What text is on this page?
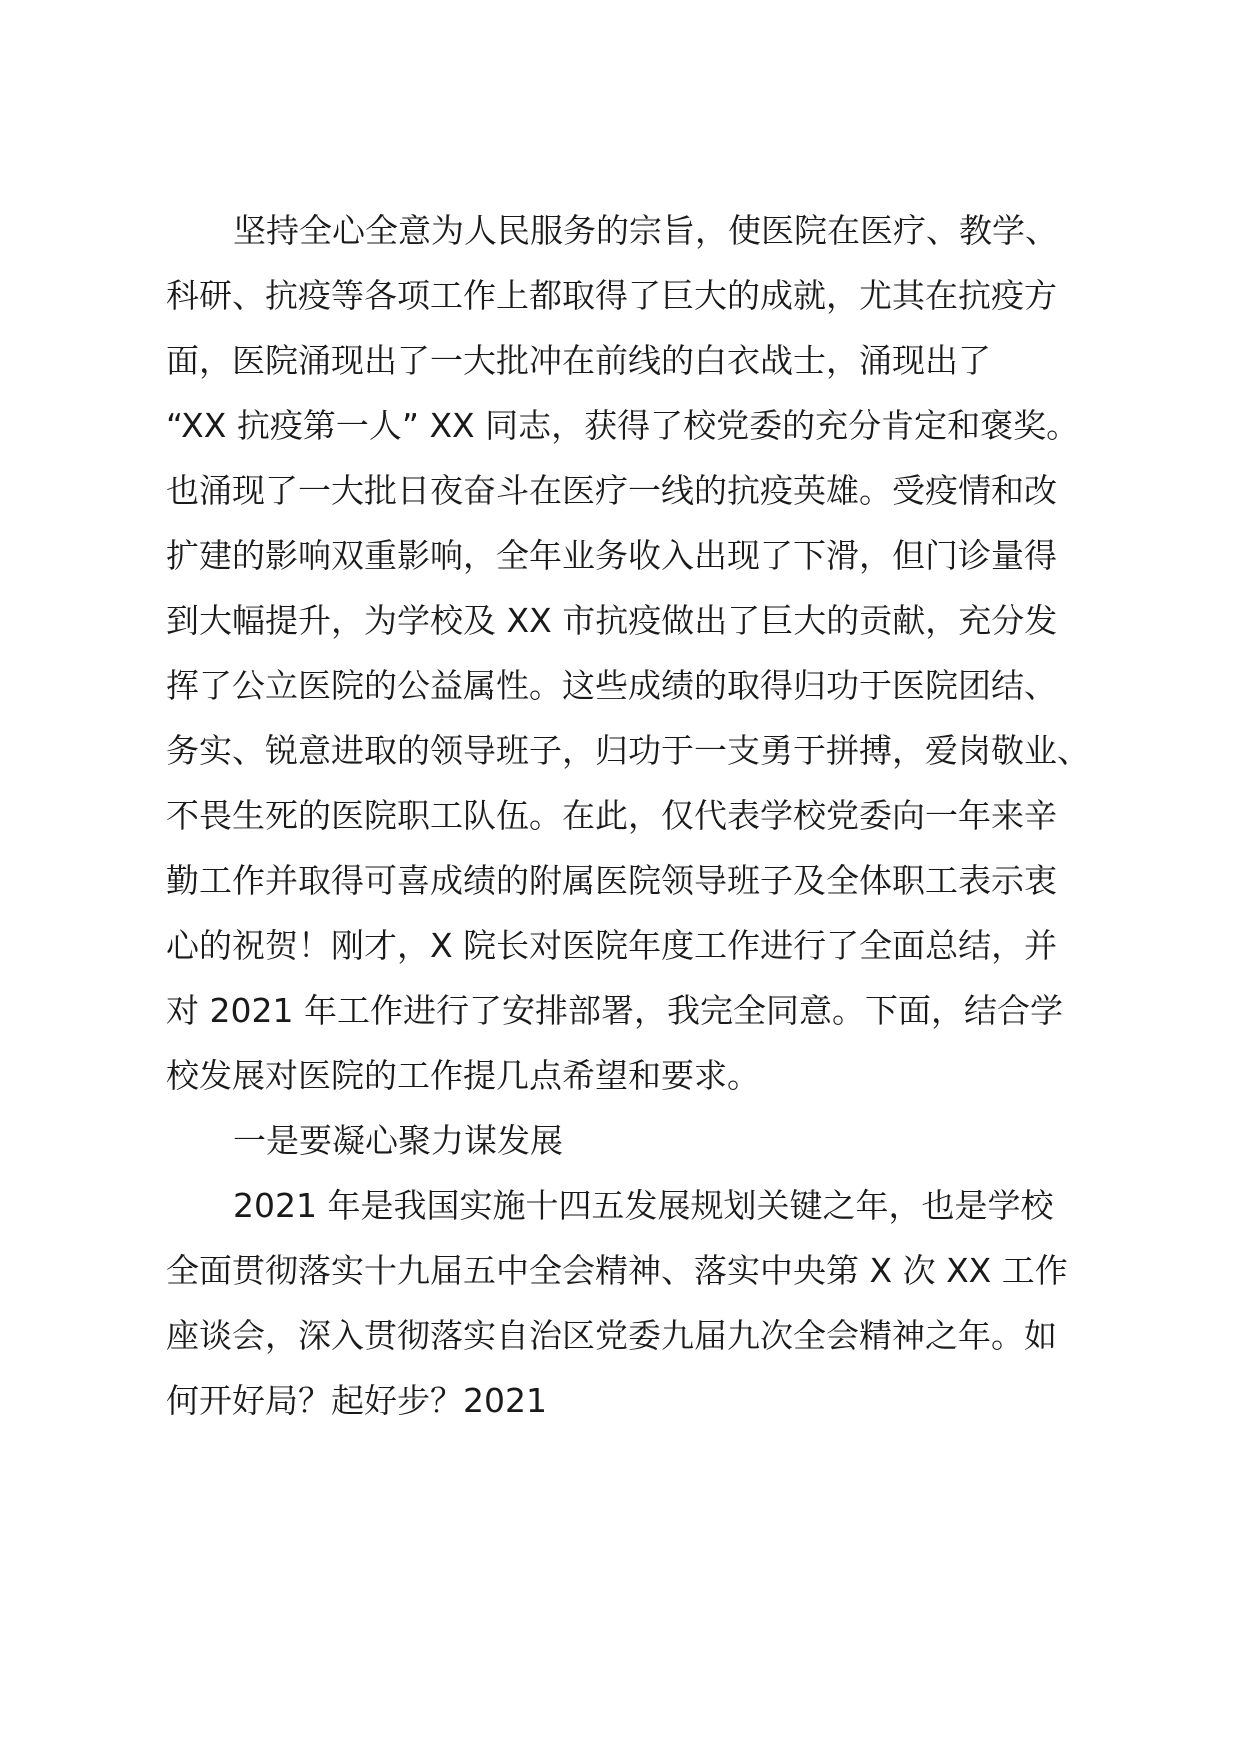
坚持全心全意为人民服务的宗旨，使医院在医疗、教学、
科研、抗疫等各项工作上都取得了巨大的成就，尤其在抗疫方
面，医院涌现出了一大批冲在前线的白衣战士，涌现出了
“XX 抗疫第一人” XX 同志，获得了校党委的充分肯定和褒奖。
也涌现了一大批日夜奋斗在医疗一线的抗疫英雄。受疫情和改
扩建的影响双重影响，全年业务收入出现了下滑，但门诊量得
到大幅提升，为学校及 XX 市抗疫做出了巨大的贡献，充分发
挥了公立医院的公益属性。这些成绩的取得归功于医院团结、
务实、锐意进取的领导班子，归功于一支勇于拼搏，爱岗敬业、
不畏生死的医院职工队伍。在此，仅代表学校党委向一年来辛
勤工作并取得可喜成绩的附属医院领导班子及全体职工表示衷
心的祝贺！刚才，X 院长对医院年度工作进行了全面总结，并
对 2021 年工作进行了安排部署，我完全同意。下面，结合学
校发展对医院的工作提几点希望和要求。
一是要凝心聚力谋发展
2021 年是我国实施十四五发展规划关键之年，也是学校
全面贯彻落实十九届五中全会精神、落实中央第 X 次 XX 工作
座谈会，深入贯彻落实自治区党委九届九次全会精神之年。如
何开好局？起好步？2021
